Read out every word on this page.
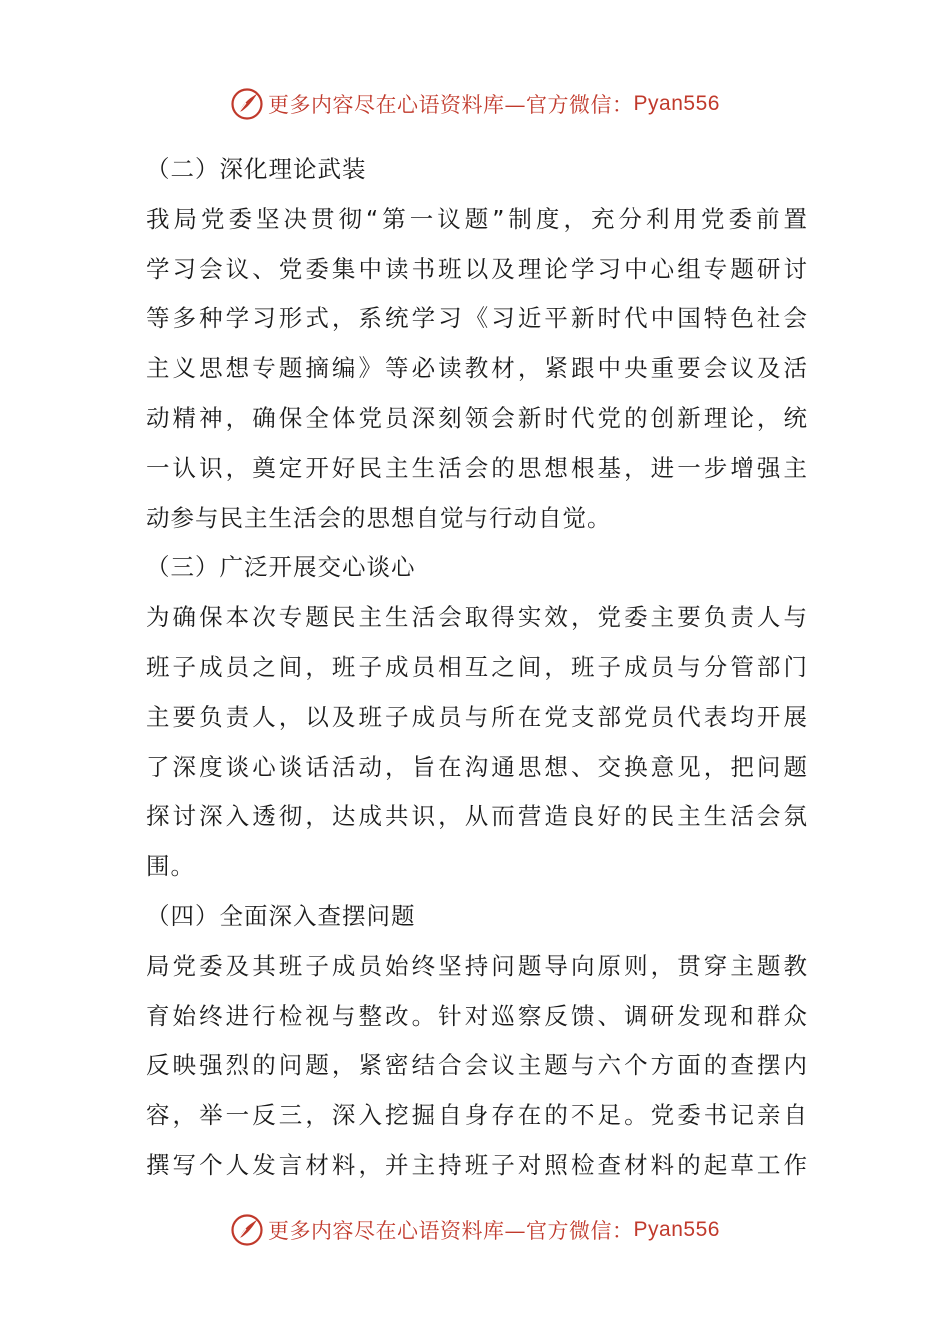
更多内容尽在心语资料库—官方微信： Pyan556
（二）深化理论武装
我局党委坚决贯彻“第一议题”制度，充分利用党委前置
学习会议、党委集中读书班以及理论学习中心组专题研讨
等多种学习形式，系统学习《习近平新时代中国特色社会
主义思想专题摘编》等必读教材，紧跟中央重要会议及活
动精神，确保全体党员深刻领会新时代党的创新理论，统
一认识，奠定开好民主生活会的思想根基，进一步增强主
动参与民主生活会的思想自觉与行动自觉。
（三）广泛开展交心谈心
为确保本次专题民主生活会取得实效，党委主要负责人与
班子成员之间，班子成员相互之间，班子成员与分管部门
主要负责人，以及班子成员与所在党支部党员代表均开展
了深度谈心谈话活动，旨在沟通思想、交换意见，把问题
探讨深入透彻，达成共识，从而营造良好的民主生活会氛
围。
（四）全面深入查摆问题
局党委及其班子成员始终坚持问题导向原则，贯穿主题教
育始终进行检视与整改。针对巡察反馈、调研发现和群众
反映强烈的问题，紧密结合会议主题与六个方面的查摆内
容，举一反三，深入挖掘自身存在的不足。党委书记亲自
撰写个人发言材料，并主持班子对照检查材料的起草工作
更多内容尽在心语资料库—官方微信： Pyan556
